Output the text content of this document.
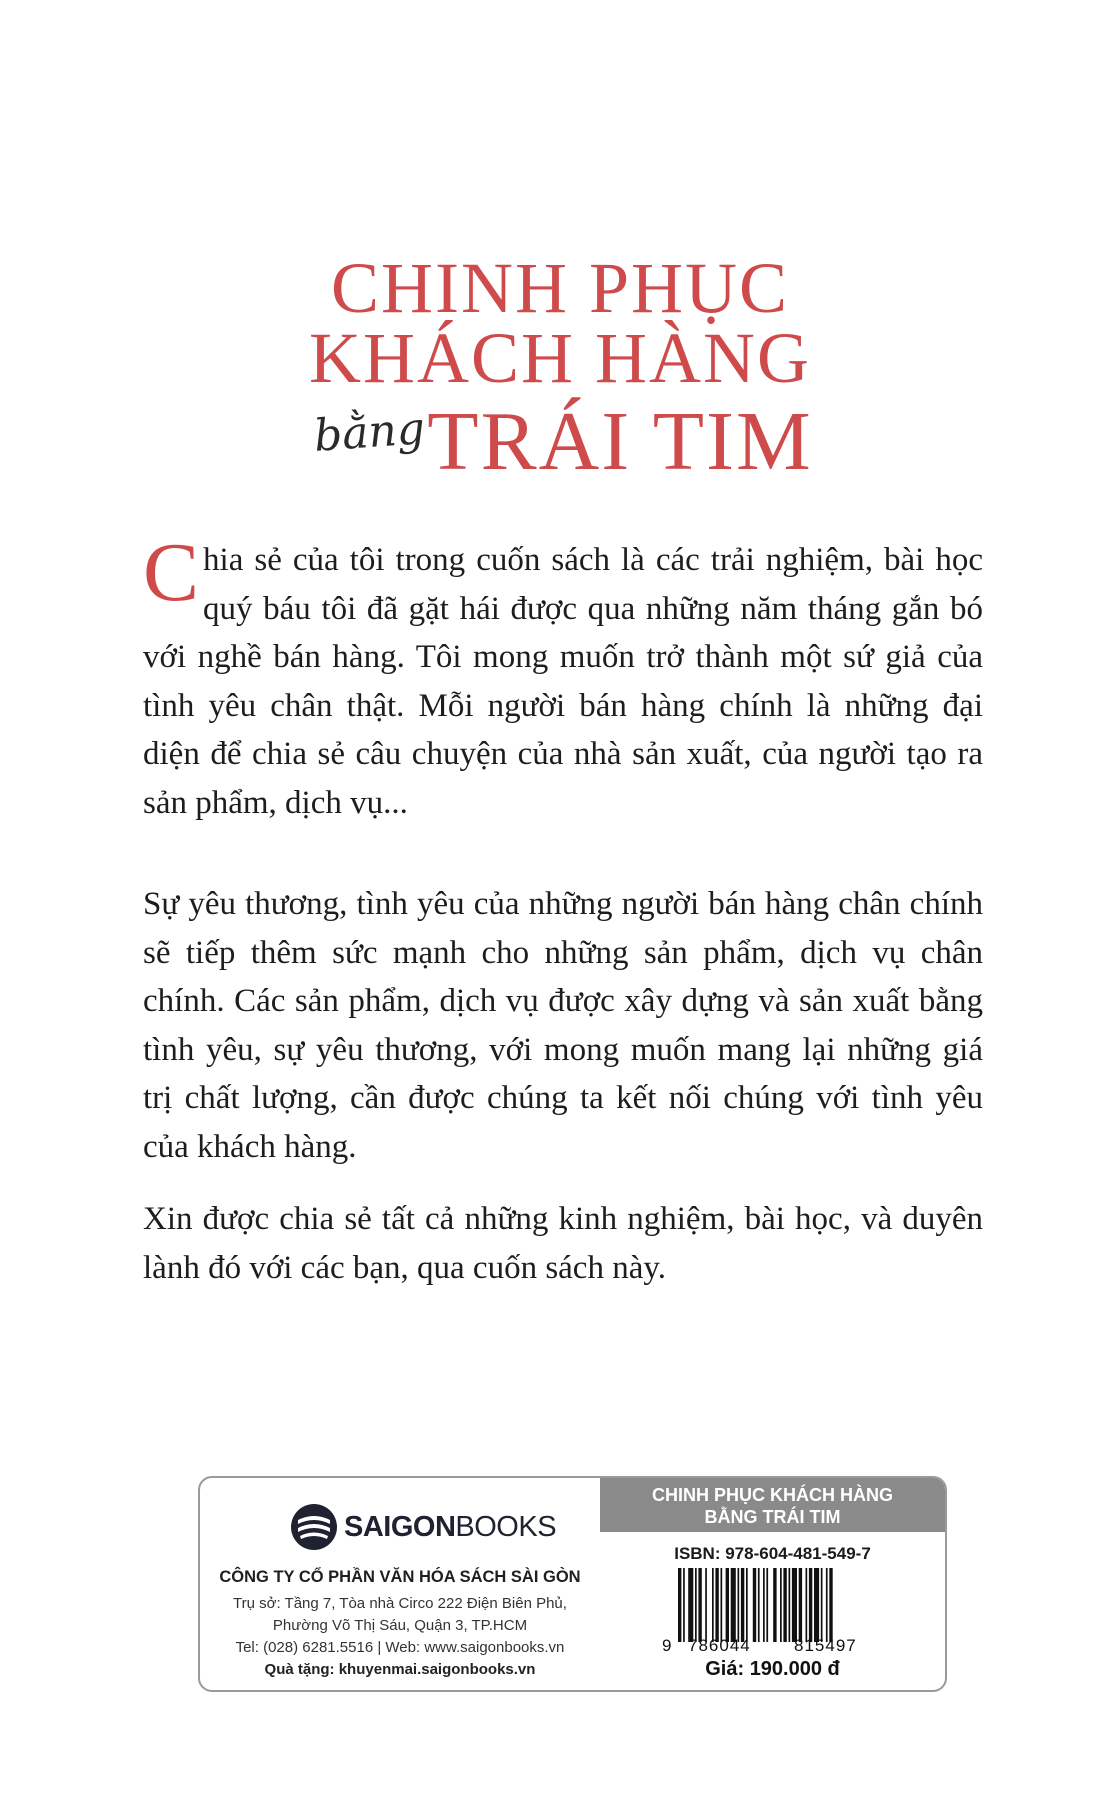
CHINH PHỤC
KHÁCH HÀNG
bằng TRÁI TIM
C hia sẻ của tôi trong cuốn sách là các trải nghiệm, bài học quý báu tôi đã gặt hái được qua những năm tháng gắn bó với nghề bán hàng. Tôi mong muốn trở thành một sứ giả của tình yêu chân thật. Mỗi người bán hàng chính là những đại diện để chia sẻ câu chuyện của nhà sản xuất, của người tạo ra sản phẩm, dịch vụ...
Sự yêu thương, tình yêu của những người bán hàng chân chính sẽ tiếp thêm sức mạnh cho những sản phẩm, dịch vụ chân chính. Các sản phẩm, dịch vụ được xây dựng và sản xuất bằng tình yêu, sự yêu thương, với mong muốn mang lại những giá trị chất lượng, cần được chúng ta kết nối chúng với tình yêu của khách hàng.
Xin được chia sẻ tất cả những kinh nghiệm, bài học, và duyên lành đó với các bạn, qua cuốn sách này.
SAIGONBOOKS
CÔNG TY CỔ PHẦN VĂN HÓA SÁCH SÀI GÒN
Trụ sở: Tầng 7, Tòa nhà Circo 222 Điện Biên Phủ,
Phường Võ Thị Sáu, Quận 3, TP.HCM
Tel: (028) 6281.5516 | Web: www.saigonbooks.vn
Quà tặng: khuyenmai.saigonbooks.vn
CHINH PHỤC KHÁCH HÀNG
BẰNG TRÁI TIM
ISBN: 978-604-481-549-7
9 786044	815497
Giá: 190.000 đ
